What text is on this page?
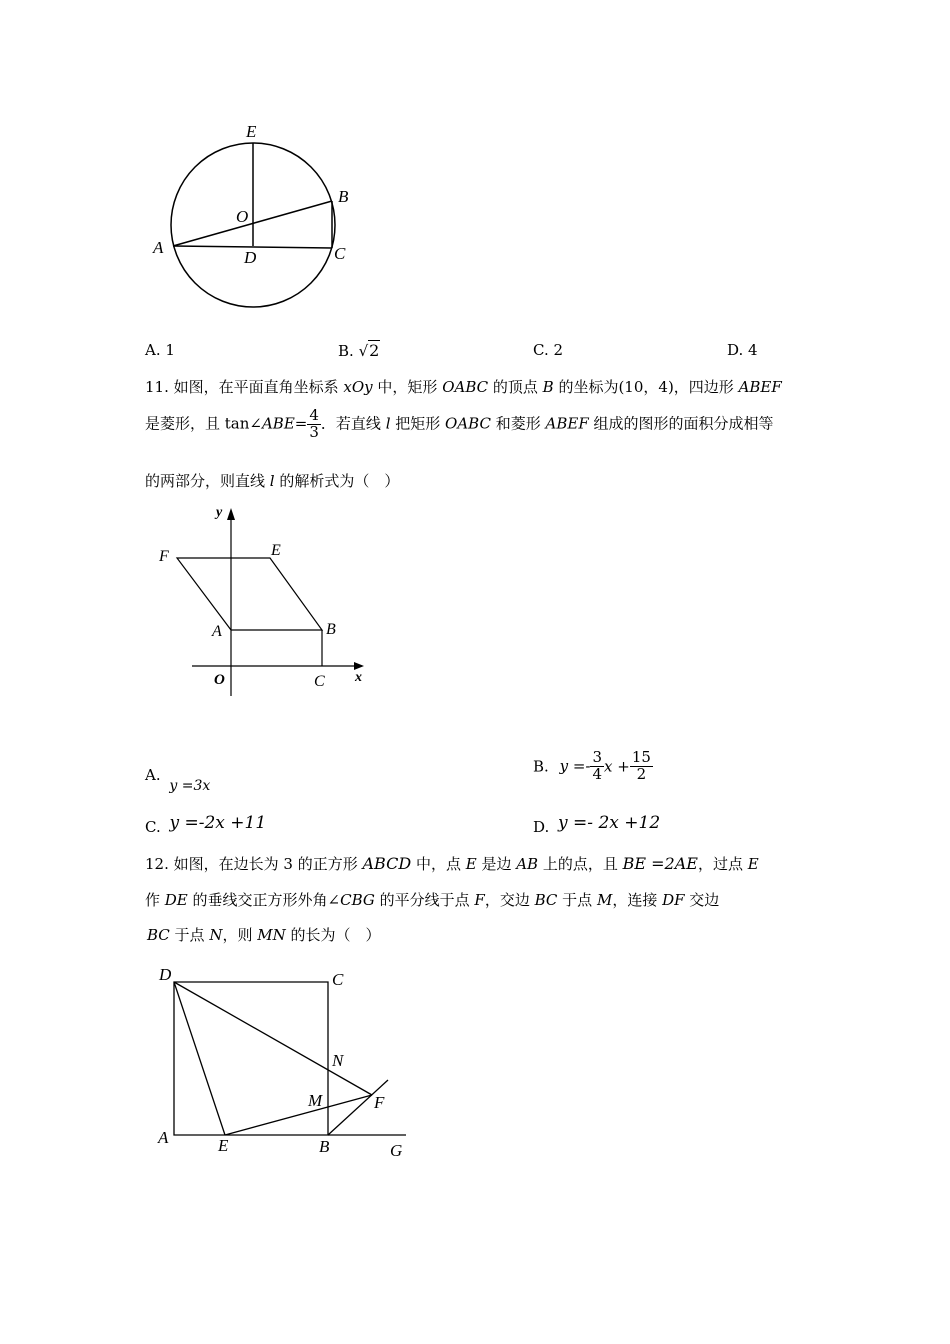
E
O
B
A
D	C
A. 1	B. √2	C. 2	D. 4
11. 如图，在平面直角坐标系 xOy 中，矩形 OABC 的顶点 B 的坐标为(10，4)，四边形 ABEF
是菱形，且 tan∠ABE= $\frac{4}{3}$ ．若直线 l 把矩形 OABC 和菱形 ABEF 组成的图形的面积分成相等
的两部分，则直线 l 的解析式为（　）
y
F	E
A	B
O	C x
A. y =3x
B. $y =- \frac{3}{4}$ $x + \frac{15}{2}$
C. y =-2x +11	D. y =- 2x +12
12. 如图，在边长为 3 的正方形 ABCD 中，点 E 是边 AB 上的点，且 BE =2AE，过点 E
作 DE 的垂线交正方形外角∠CBG 的平分线于点 F，交边 BC 于点 M，连接 DF 交边
BC 于点 N，则 MN 的长为（　）
D	C
N
M	F
A	E	B	G
